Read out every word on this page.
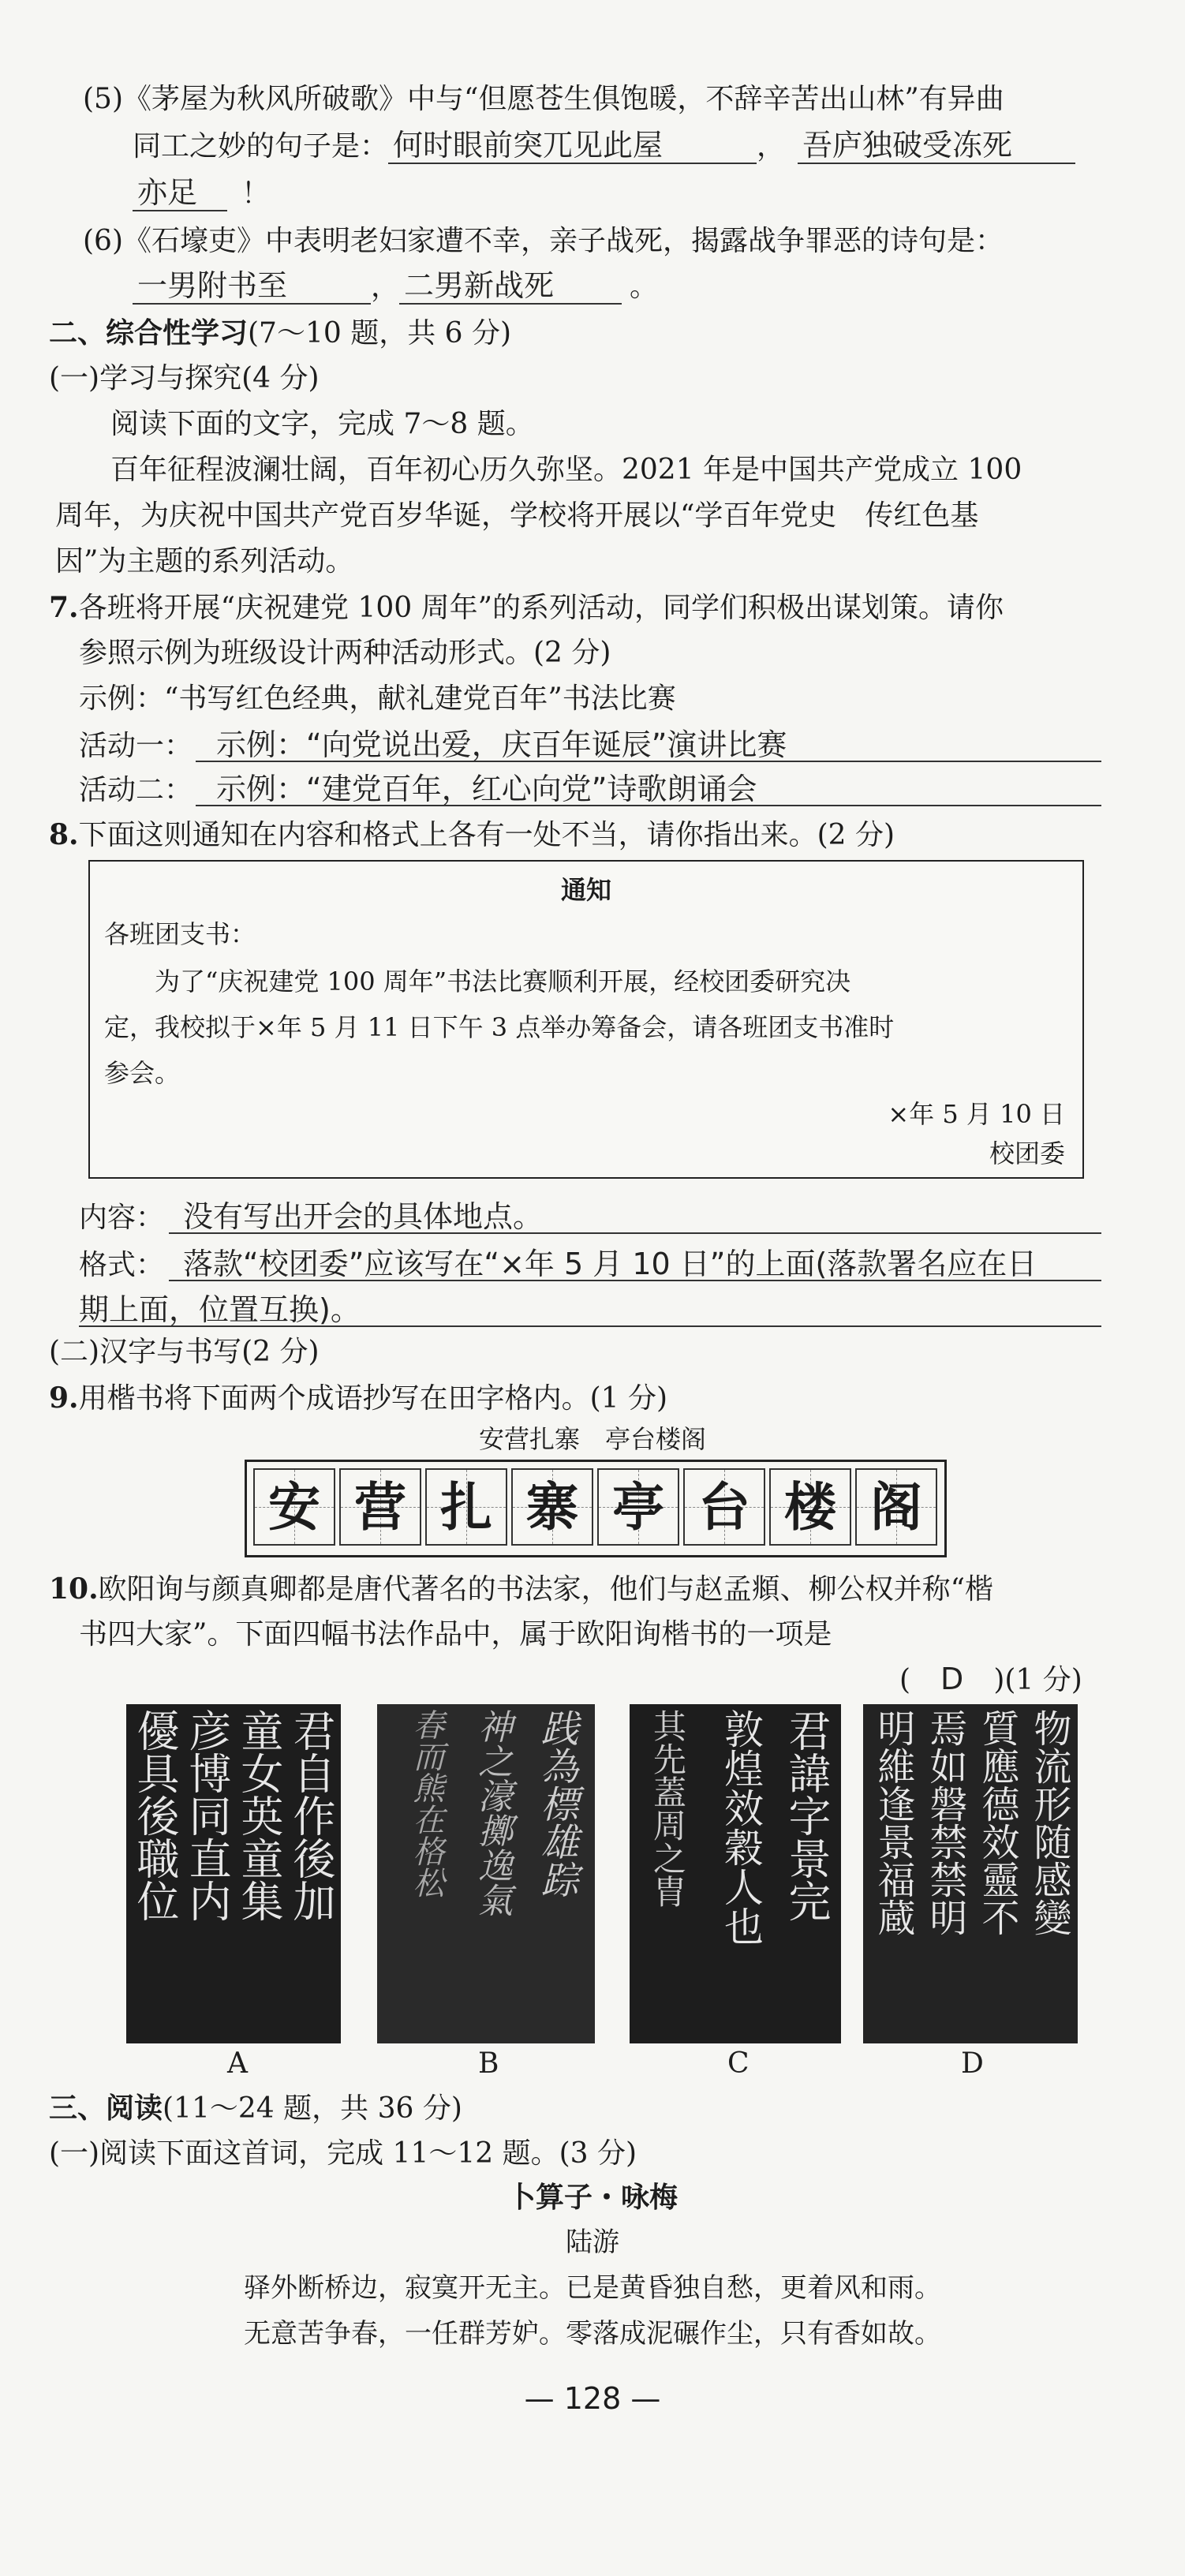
(5)《茅屋为秋风所破歌》中与“但愿苍生俱饱暖，不辞辛苦出山林”有异曲
同工之妙的句子是： 何时眼前突兀见此屋	， 吾庐独破受冻死
亦足 ！
(6)《石壕吏》中表明老妇家遭不幸，亲子战死，揭露战争罪恶的诗句是：
一男附书至	， 二男新战死	。
二、综合性学习(7～10 题，共 6 分)
(一)学习与探究(4 分)
阅读下面的文字，完成 7～8 题。
百年征程波澜壮阔，百年初心历久弥坚。2021 年是中国共产党成立 100
周年，为庆祝中国共产党百岁华诞，学校将开展以“学百年党史　传红色基
因”为主题的系列活动。
7.各班将开展“庆祝建党 100 周年”的系列活动，同学们积极出谋划策。请你
参照示例为班级设计两种活动形式。(2 分)
示例：“书写红色经典，献礼建党百年”书法比赛
活动一： 示例：“向党说出爱，庆百年诞辰”演讲比赛
活动二： 示例：“建党百年，红心向党”诗歌朗诵会
8.下面这则通知在内容和格式上各有一处不当，请你指出来。(2 分)
通知
各班团支书：
为了“庆祝建党 100 周年”书法比赛顺利开展，经校团委研究决
定，我校拟于×年 5 月 11 日下午 3 点举办筹备会，请各班团支书准时
参会。
×年 5 月 10 日
校团委
内容： 没有写出开会的具体地点。
格式： 落款“校团委”应该写在“×年 5 月 10 日”的上面(落款署名应在日
期上面，位置互换)。
(二)汉字与书写(2 分)
9.用楷书将下面两个成语抄写在田字格内。(1 分)
安营扎寨　亭台楼阁
安 营 扎 寨 亭 台 楼 阁
10.欧阳询与颜真卿都是唐代著名的书法家，他们与赵孟頫、柳公权并称“楷
书四大家”。下面四幅书法作品中，属于欧阳询楷书的一项是
( D )(1 分)
君自作後加
童女英童集
彦博同直内
優具後職位	践為標雄踪
神之濠擲逸氣
春而熊在格松	君諱字景完
敦煌效穀人也
其先蓋周之胄	物流形随感變
質應德效靈不
焉如磐禁禁明
明維逢景福蔵
A	B	C	D
三、阅读(11～24 题，共 36 分)
(一)阅读下面这首词，完成 11～12 题。(3 分)
卜算子・咏梅
陆游
驿外断桥边，寂寞开无主。已是黄昏独自愁，更着风和雨。
无意苦争春，一任群芳妒。零落成泥碾作尘，只有香如故。
— 128 —
